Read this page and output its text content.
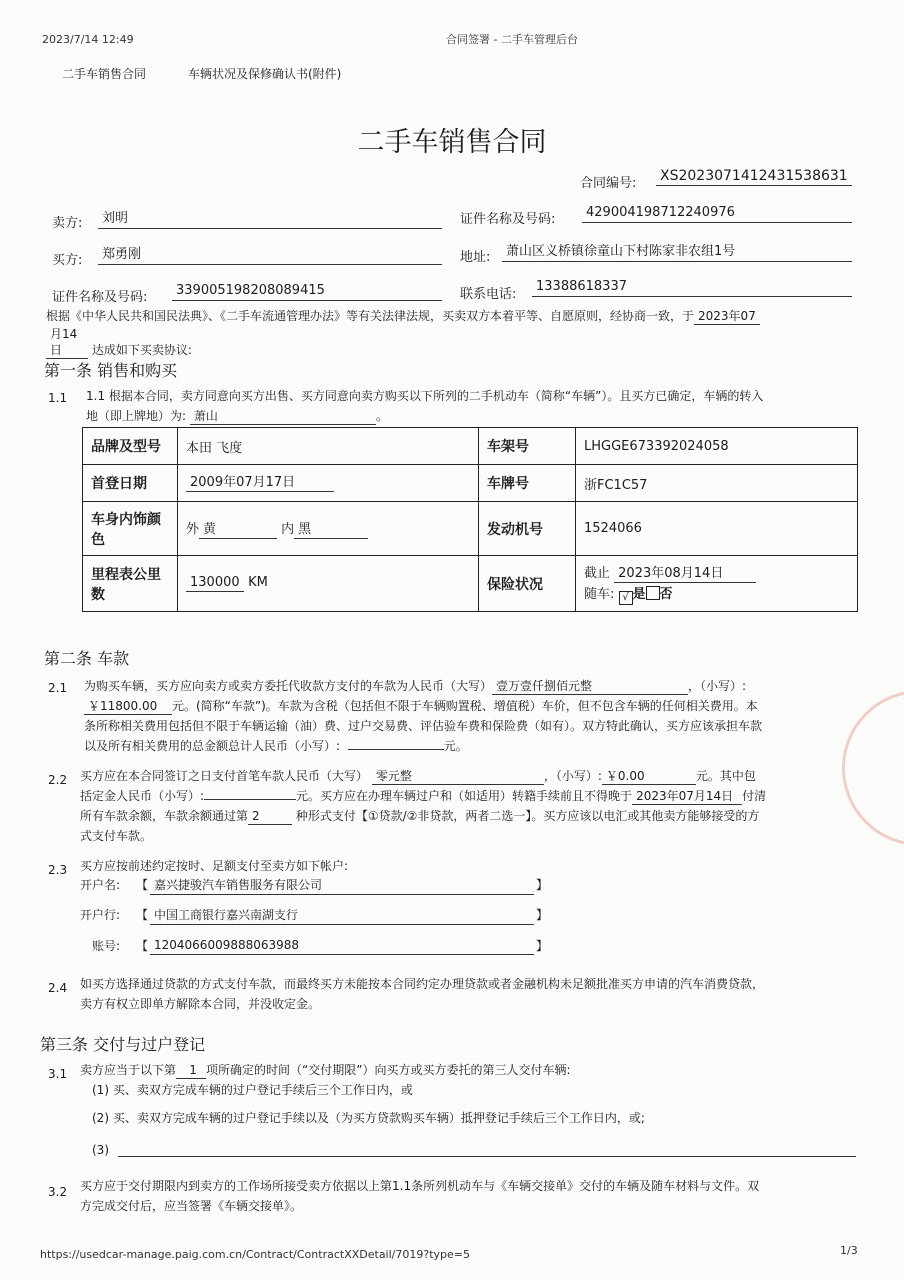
2023/7/14 12:49	合同签署 - 二手车管理后台
二手车销售合同	车辆状况及保修确认书(附件)
二手车销售合同
合同编号: XS2023071412431538631
卖方:	刘明	证件名称及号码:	429004198712240976
买方:	郑勇刚	地址:	萧山区义桥镇徐童山下村陈家非农组1号
证件名称及号码:	339005198208089415	联系电话:
13388618337
根据《中华人民共和国民法典》、《二手车流通管理办法》等有关法律法规，买卖双方本着平等、自愿原则，经协商一致，于 2023年07
月14日 达成如下买卖协议:
第一条 销售和购买
1.1 1.1 根据本合同，卖方同意向买方出售、买方同意向卖方购买以下所列的二手机动车（简称“车辆”）。且买方已确定，车辆的转入
地（即上牌地）为: 萧山	。
品牌及型号	本田 飞度	车架号	LHGGE673392024058
首登日期	2009年07月17日	车牌号	浙FC1C57
车身内饰颜色	外 黄 内 黑	发动机号	1524066
里程表公里数	130000 KM	保险状况	截止 2023年08月14日
随车: √ 是 否
第二条 车款
2.1 为购买车辆，买方应向卖方或卖方委托代收款方支付的车款为人民币（大写） 壹万壹仟捌佰元整	，（小写）:
￥11800.00 元。(简称“车款”)。车款为含税（包括但不限于车辆购置税、增值税）车价，但不包含车辆的任何相关费用。本
条所称相关费用包括但不限于车辆运输（油）费、过户交易费、评估验车费和保险费（如有）。双方特此确认，买方应该承担车款
以及所有相关费用的总金额总计人民币（小写）:	元。
2.2 买方应在本合同签订之日支付首笔车款人民币（大写） 零元整	，（小写）: ￥0.00	元。其中包
括定金人民币（小写）:	元。买方应在办理车辆过户和（如适用）转籍手续前且不得晚于 2023年07月14日 付清
所有车款余额，车款余额通过第 2	种形式支付【①贷款/②非贷款，两者二选一】。买方应该以电汇或其他卖方能够接受的方
式支付车款。
2.3 买方应按前述约定按时、足额支付至卖方如下帐户:
开户名: 【 嘉兴捷骏汽车销售服务有限公司	】
开户行: 【 中国工商银行嘉兴南湖支行	】
账号: 【 1204066009888063988	】
2.4 如买方选择通过贷款的方式支付车款，而最终买方未能按本合同约定办理贷款或者金融机构未足额批准买方申请的汽车消费贷款，
卖方有权立即单方解除本合同，并没收定金。
第三条 交付与过户登记
3.1 卖方应当于以下第 1 项所确定的时间（“交付期限”）向买方或买方委托的第三人交付车辆:
(1) 买、卖双方完成车辆的过户登记手续后三个工作日内，或
(2) 买、卖双方完成车辆的过户登记手续以及（为买方贷款购买车辆）抵押登记手续后三个工作日内，或;
(3)
3.2 买方应于交付期限内到卖方的工作场所接受卖方依据以上第1.1条所列机动车与《车辆交接单》交付的车辆及随车材料与文件。双
方完成交付后，应当签署《车辆交接单》。
https://usedcar-manage.paig.com.cn/Contract/ContractXXDetail/7019?type=5	1/3
